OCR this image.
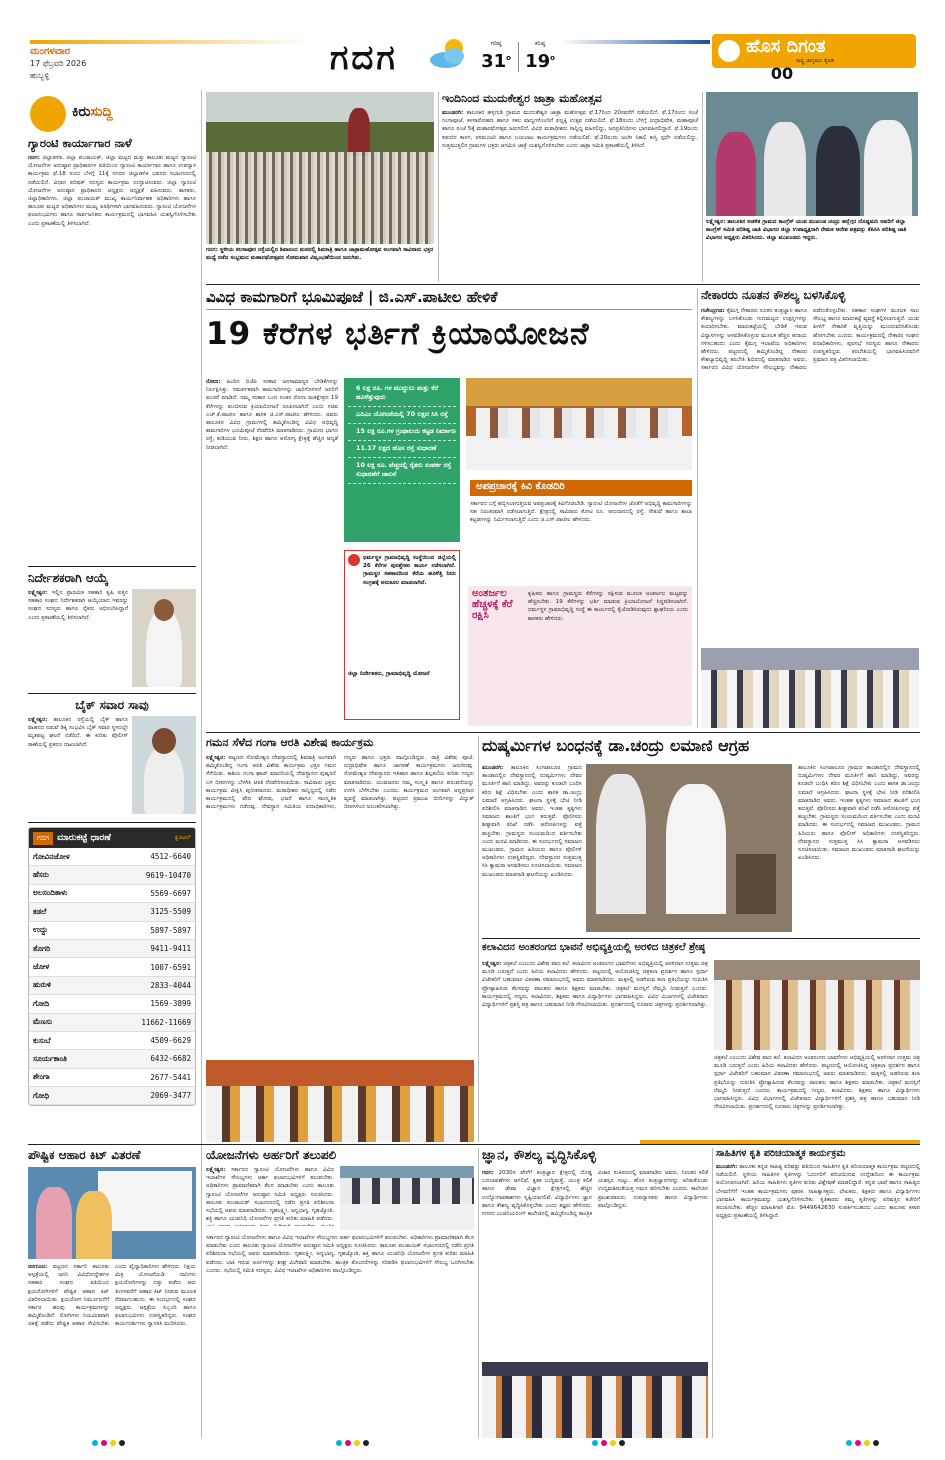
ಮಂಗಳವಾರ
17 ಫೆಬ್ರವರಿ 2026
ಹುಬ್ಬಳ್ಳಿ	ಗದಗ	ಗರಿಷ್ಠ
31$^o$
ಕನಿಷ್ಠ
19$^o$
ಹೊಸ ದಿಗಂತ
ರಾಷ್ಟ್ರ ಜಾಗೃತಿಯ ಕೈಪಿಡಿ
00
ಕಿರುಸುದ್ದಿ
ಗ್ಯಾರಂಟಿ ಕಾರ್ಯಾಗಾರ ನಾಳೆ
ಗದಗ: ಜಿಲ್ಲಾಡಳಿತ, ಜಿಲ್ಲಾ ಪಂಚಾಯತ್, ಜಿಲ್ಲಾ ಮಟ್ಟದ ಮತ್ತು ತಾಲೂಕು ಮಟ್ಟದ ಗ್ಯಾರಂಟಿ ಯೋಜನೆಗಳ ಅನುಷ್ಠಾನ ಪ್ರಾಧಿಕಾರಗಳ ವತಿಯಿಂದ ಗ್ಯಾರಂಟಿ ಕಾರ್ಯಾಗಾರ ಹಾಗೂ ಉಪನ್ಯಾಸ ಕಾರ್ಯಕ್ರಮ ಫೆ.18 ರಂದು ಬೆಳಗ್ಗೆ 11ಕ್ಕೆ ನಗರದ ಜಿಲ್ಲಾಡಳಿತ ಭವನದ ಸಭಾಂಗಣದಲ್ಲಿ ನಡೆಯಲಿದೆ. ವಿಧಾನ ಪರಿಷತ್ ಸದಸ್ಯರು ಕಾರ್ಯಕ್ರಮ ಉದ್ಘಾಟಿಸುವರು. ಜಿಲ್ಲಾ ಗ್ಯಾರಂಟಿ ಯೋಜನೆಗಳ ಅನುಷ್ಠಾನ ಪ್ರಾಧಿಕಾರದ ಅಧ್ಯಕ್ಷರು ಅಧ್ಯಕ್ಷತೆ ವಹಿಸುವರು. ಶಾಸಕರು, ಜಿಲ್ಲಾಧಿಕಾರಿಗಳು, ಜಿಲ್ಲಾ ಪಂಚಾಯತ್ ಮುಖ್ಯ ಕಾರ್ಯನಿರ್ವಾಹಕ ಅಧಿಕಾರಿಗಳು ಹಾಗೂ ತಾಲೂಕು ಮಟ್ಟದ ಅಧಿಕಾರಿಗಳು ಮುಖ್ಯ ಅತಿಥಿಗಳಾಗಿ ಭಾಗವಹಿಸುವರು. ಗ್ಯಾರಂಟಿ ಯೋಜನೆಗಳ ಫಲಾನುಭವಿಗಳು ಹಾಗೂ ಸಾರ್ವಜನಿಕರು ಕಾರ್ಯಕ್ರಮದಲ್ಲಿ ಭಾಗವಹಿಸಿ ಯಶಸ್ವಿಗೊಳಿಸಬೇಕು ಎಂದು ಪ್ರಕಟಣೆಯಲ್ಲಿ ತಿಳಿಸಲಾಗಿದೆ.
ನಿರ್ದೇಶಕರಾಗಿ ಆಯ್ಕೆ
ಲಕ್ಷ್ಮೇಶ್ವರ: ಇಲ್ಲಿನ ಪ್ರಾಥಮಿಕ ಸಹಕಾರಿ ಕೃಷಿ ಪತ್ತಿನ ಸಹಕಾರ ಸಂಘದ ನಿರ್ದೇಶಕರಾಗಿ ಆಯ್ಕೆಯಾದ ಇವರನ್ನು ಸಂಘದ ಸದಸ್ಯರು ಹಾಗೂ ರೈತರು ಅಭಿನಂದಿಸಿದ್ದಾರೆ ಎಂದು ಪ್ರಕಟಣೆಯಲ್ಲಿ ತಿಳಿಸಲಾಗಿದೆ.
ಬೈಕ್ ಸವಾರ ಸಾವು
ಲಕ್ಷ್ಮೇಶ್ವರ: ತಾಲೂಕಿನ ರಸ್ತೆಯಲ್ಲಿ ಬೈಕ್ ಹಾಗೂ ವಾಹನದ ನಡುವೆ ಡಿಕ್ಕಿ ಸಂಭವಿಸಿ ಬೈಕ್ ಸವಾರ ಸ್ಥಳದಲ್ಲೇ ಮೃತಪಟ್ಟ ಘಟನೆ ನಡೆದಿದೆ. ಈ ಕುರಿತು ಪೊಲೀಸ್ ಠಾಣೆಯಲ್ಲಿ ಪ್ರಕರಣ ದಾಖಲಾಗಿದೆ.
ಗದಗ ಮಾರುಕಟ್ಟೆ ಧಾರಣೆ	ಕ್ವಿಂಟಲ್
ಗೋವಿನಜೋಳ	4512-6640
ಹೆಸರು	9619-10470
ಅಲಸಂದಿಕಾಳು	5569-6697
ಕಡಲೆ	3125-5509
ಉದ್ದು	5897-5897
ತೊಗರಿ	9411-9411
ಜೋಳ	1007-6591
ಹುರುಳಿ	2833-4044
ಗೋದಿ	1569-3899
ಮೆಣಸು	11662-11669
ಕುಸುಬೆ	4509-6629
ಸೂರ್ಯಕಾಂತಿ	6432-6682
ಶೇಂಗಾ	2677-5441
ಗೋಧಿ	2069-3477
ಗದಗ: ಸ್ಥಳೀಯ ಕಲಸಾಪೂರ ರಸ್ತೆಯಲ್ಲಿನ ಶಿವಾನಂದ ಮಠದಲ್ಲಿ ಶಿವರಾತ್ರಿ ಹಾಗೂ ಜಾತ್ರಾಮಹೋತ್ಸವ ಅಂಗವಾಗಿ ಸಾವಿರಾರು ಭಕ್ತರ ಮಧ್ಯೆ ನಡೆದ ಸಂಭ್ರಮದ ಮಹಾರಥೋತ್ಸವನ ಸೋಮವಾರ ವಿಜೃಂಭಣೆಯಿಂದ ಜರುಗಿತು.
ಇಂದಿನಿಂದ ಮುದುಕೇಶ್ವರ ಜಾತ್ರಾ ಮಹೋತ್ಸವ
ಮುಂಡರಗಿ: ತಾಲೂಕಿನ ಹಳ್ಳಿಗುಡಿ ಗ್ರಾಮದ ಮುದುಕೇಶ್ವರ ಜಾತ್ರಾ ಮಹೋತ್ಸವ ಫೆ.17ರಿಂದ 20ರವರೆಗೆ ನಡೆಯಲಿದೆ. ಫೆ.17ರಂದು ಸಂಜೆ ಗಂಗಾಪೂಜೆ, ಕಳಸಾರೋಹಣ ಹಾಗೂ ಸಕಲ ವಾದ್ಯಗಳೊಂದಿಗೆ ಪಲ್ಲಕ್ಕಿ ಉತ್ಸವ ನಡೆಯಲಿದೆ. ಫೆ.18ರಂದು ಬೆಳಿಗ್ಗೆ ರುದ್ರಾಭಿಷೇಕ, ಮಹಾಪೂಜೆ ಹಾಗೂ ಸಂಜೆ 5ಕ್ಕೆ ಮಹಾರಥೋತ್ಸವ ಜರುಗಲಿದೆ. ವಿವಿಧ ಮಠಾಧೀಶರು ಸಾನ್ನಿಧ್ಯ ವಹಿಸಲಿದ್ದು, ಜನಪ್ರತಿನಿಧಿಗಳು ಭಾಗವಹಿಸಲಿದ್ದಾರೆ. ಫೆ.19ರಂದು ಕಡುಬಿನ ಕಾಳಗ, ರಸಮಂಜರಿ ಹಾಗೂ ಬಯಲಾಟ ಕಾರ್ಯಕ್ರಮಗಳು ನಡೆಯಲಿವೆ. ಫೆ.20ರಂದು ಜಂಗೀ ನಿಕಾಲಿ ಕುಸ್ತಿ ಸ್ಪರ್ಧೆ ನಡೆಯಲಿದ್ದು, ಸುತ್ತಮುತ್ತಲಿನ ಗ್ರಾಮಗಳ ಭಕ್ತರು ಆಗಮಿಸಿ ಜಾತ್ರೆ ಯಶಸ್ವಿಗೊಳಿಸಬೇಕು ಎಂದು ಜಾತ್ರಾ ಸಮಿತಿ ಪ್ರಕಟಣೆಯಲ್ಲಿ ತಿಳಿಸಿದೆ.
ಲಕ್ಷ್ಮೇಶ್ವರ: ತಾಲೂಕಿನ ಆಡಳಿತ ಗ್ರಾಮದ ಕಾಂಗ್ರೆಸ್ ಯುವ ಮುಖಂಡ ಚಂದ್ರು ಹನ್ನೆಗ್ಗರ ದೊಡ್ಡಮನಿ ಅವರಿಗೆ ಜಿಲ್ಲಾ ಕಾಂಗ್ರೆಸ್ ಸಮಿತಿ ಪರಿಶಿಷ್ಟ ಜಾತಿ ವಿಭಾಗದ ಜಿಲ್ಲಾ ಉಪಾಧ್ಯಕ್ಷರಾಗಿ ನೇಮಕ ಆದೇಶ ಪತ್ರವನ್ನು ಕೆಪಿಸಿಸಿ ಪರಿಶಿಷ್ಟ ಜಾತಿ ವಿಭಾಗದ ಅಧ್ಯಕ್ಷರು ವಿತರಿಸಿದರು. ಜಿಲ್ಲಾ ಮುಖಂಡರು ಇದ್ದರು.
ವಿವಿಧ ಕಾಮಗಾರಿಗೆ ಭೂಮಿಪೂಜೆ | ಜಿ.ಎಸ್.ಪಾಟೀಲ ಹೇಳಿಕೆ
19 ಕೆರೆಗಳ ಭರ್ತಿಗೆ ಕ್ರಿಯಾಯೋಜನೆ
ರೋಣ: ಹಿಂದಿನ ಬಿಜೆಪಿ ಸರಕಾರ ಜನಸಾಮಾನ್ಯರ ಬೇಡಿಕೆಗಳನ್ನು ನಿರ್ಲಕ್ಷಿಸಿತ್ತು. ಸಮರ್ಪಕವಾಗಿ ಕಾಮಗಾರಿಗಳನ್ನು ಜಾರಿಗೊಳಿಸದೆ ಜನರಿಗೆ ವಂಚನೆ ಮಾಡಿದೆ. ನಮ್ಮ ಸರಕಾರ ಬಂದ ನಂತರ ರೋಣ ಮತಕ್ಷೇತ್ರದ 19 ಕೆರೆಗಳನ್ನು ತುಂಬಿಸುವ ಕ್ರಿಯಾಯೋಜನೆ ರೂಪಿಸಲಾಗಿದೆ ಎಂದು ಸಚಿವ ಎಚ್.ಕೆ.ಪಾಟೀಲ ಹಾಗೂ ಶಾಸಕ ಜಿ.ಎಸ್.ಪಾಟೀಲ ಹೇಳಿದರು. ಅವರು ತಾಲೂಕಿನ ವಿವಿಧ ಗ್ರಾಮಗಳಲ್ಲಿ ಹಮ್ಮಿಕೊಂಡಿದ್ದ ವಿವಿಧ ಅಭಿವೃದ್ಧಿ ಕಾಮಗಾರಿಗಳ ಭೂಮಿಪೂಜೆ ನೆರವೇರಿಸಿ ಮಾತನಾಡಿದರು. ಗ್ರಾಮೀಣ ಭಾಗದ ರಸ್ತೆ, ಕುಡಿಯುವ ನೀರು, ಶಿಕ್ಷಣ ಹಾಗೂ ಆರೋಗ್ಯ ಕ್ಷೇತ್ರಕ್ಕೆ ಹೆಚ್ಚಿನ ಆದ್ಯತೆ ನೀಡಲಾಗಿದೆ.
6 ಲಕ್ಷ ರೂ. ಗಳ ಮುದ್ದುಲು ಮತ್ತು ಕೆರೆ ಹೂಳೆತ್ತುವುದು
ಎಪಿಎಂ ಯೋಜನೆಯಲ್ಲಿ 70 ಲಕ್ಷದ ಸಿಸಿ ರಸ್ತೆ
15 ಲಕ್ಷ ರೂ.ಗಳ ಗ್ರಂಥಾಲಯ ಕಟ್ಟಡ ನಿರ್ಮಾಣ
11.17 ಲಕ್ಷದ ಹೊಸ ರಸ್ತೆ ಸುಧಾರಣೆ
10 ಲಕ್ಷ ರೂ. ವೆಚ್ಚದಲ್ಲಿ ರೈತರು ಸಂಪರ್ಕ ರಸ್ತೆ ಸುಧಾರಣೆಗೆ ಚಾಲನೆ
ಅಪಪ್ರಚಾರಕ್ಕೆ ಕಿವಿ ಕೊಡದಿರಿ
ಸರ್ಕಾರದ ಬಗ್ಗೆ ಹಬ್ಬಿಸಲಾಗುತ್ತಿರುವ ಅಪಪ್ರಚಾರಕ್ಕೆ ಕಿವಿಗೊಡಬೇಡಿ. ಗ್ಯಾರಂಟಿ ಯೋಜನೆಗಳ ಜೊತೆಗೆ ಅಭಿವೃದ್ಧಿ ಕಾಮಗಾರಿಗಳನ್ನು ಸಹ ನಿರಂತರವಾಗಿ ನಡೆಸಲಾಗುತ್ತಿದೆ. ಕ್ಷೇತ್ರದಲ್ಲಿ ಸಾವಿರಾರು ಕೋಟಿ ರೂ. ಅನುದಾನದಲ್ಲಿ ರಸ್ತೆ, ಸೇತುವೆ ಹಾಗೂ ಶಾಲಾ ಕಟ್ಟಡಗಳನ್ನು ನಿರ್ಮಿಸಲಾಗುತ್ತಿದೆ ಎಂದು ಜಿ.ಎಸ್.ಪಾಟೀಲ ಹೇಳಿದರು.
ಧರ್ಮಸ್ಥಳ ಗ್ರಾಮಾಭಿವೃದ್ಧಿ ಸಂಸ್ಥೆಯಿಂದ ಜಿಲ್ಲೆಯಲ್ಲಿ 26 ಕೆರೆಗಳ ಪುನಶ್ಚೇತನ ಕಾರ್ಯ ನಡೆಸಲಾಗಿದೆ. ಗ್ರಾಮಸ್ಥರ ಸಹಕಾರದಿಂದ ಕೆರೆಯ ಹೂಳೆತ್ತಿ ನೀರು ಸಂಗ್ರಹಕ್ಕೆ ಅನುಕೂಲ ಮಾಡಲಾಗಿದೆ.
ಜಿಲ್ಲಾ ನಿರ್ದೇಶಕರು, ಗ್ರಾಮಾಭಿವೃದ್ಧಿ ಯೋಜನೆ
ಅಂತರ್ಜಲ ಹೆಚ್ಚಳಕ್ಕೆ ಕೆರೆ ರಕ್ಷಿಸಿ
ಕೃಷಿಕರು ಹಾಗೂ ಗ್ರಾಮಸ್ಥರು ಕೆರೆಗಳನ್ನು ರಕ್ಷಿಸುವ ಮೂಲಕ ಅಂತರ್ಜಲ ಮಟ್ಟವನ್ನು ಹೆಚ್ಚಿಸಬೇಕು. 19 ಕೆರೆಗಳನ್ನು ಭರ್ತಿ ಮಾಡುವ ಕ್ರಿಯಾಯೋಜನೆ ಸಿದ್ಧಪಡಿಸಲಾಗಿದೆ. ಧರ್ಮಸ್ಥಳ ಗ್ರಾಮಾಭಿವೃದ್ಧಿ ಸಂಸ್ಥೆ ಈ ಕಾರ್ಯದಲ್ಲಿ ಕೈಜೋಡಿಸಿರುವುದು ಶ್ಲಾಘನೀಯ ಎಂದು ಶಾಸಕರು ಹೇಳಿದರು.
ನೇಕಾರರು ನೂತನ ಕೌಶಲ್ಯ ಬಳಸಿಕೊಳ್ಳಿ
ಗಜೇಂದ್ರಗಡ: ಕೈಮಗ್ಗ ನೇಕಾರರು ನೂತನ ತಂತ್ರಜ್ಞಾನ ಹಾಗೂ ಕೌಶಲ್ಯಗಳನ್ನು ಬಳಸಿಕೊಂಡು ಗುಣಮಟ್ಟದ ಉತ್ಪನ್ನಗಳನ್ನು ತಯಾರಿಸಬೇಕು. ಮಾರುಕಟ್ಟೆಯಲ್ಲಿ ಬೇಡಿಕೆ ಇರುವ ವಿನ್ಯಾಸಗಳನ್ನು ಅಳವಡಿಸಿಕೊಳ್ಳುವ ಮೂಲಕ ಹೆಚ್ಚಿನ ಆದಾಯ ಗಳಿಸಬಹುದು ಎಂದು ಕೈಮಗ್ಗ ಇಲಾಖೆಯ ಅಧಿಕಾರಿಗಳು ಹೇಳಿದರು. ಪಟ್ಟಣದಲ್ಲಿ ಹಮ್ಮಿಕೊಂಡಿದ್ದ ನೇಕಾರರ ಕೌಶಲ್ಯಾಭಿವೃದ್ಧಿ ತರಬೇತಿ ಶಿಬಿರದಲ್ಲಿ ಮಾತನಾಡಿದ ಅವರು, ಸರ್ಕಾರದ ವಿವಿಧ ಯೋಜನೆಗಳ ಸೌಲಭ್ಯವನ್ನು ನೇಕಾರರು ಪಡೆದುಕೊಳ್ಳಬೇಕು. ಸಹಕಾರ ಸಂಘಗಳ ಮೂಲಕ ಸಾಲ ಸೌಲಭ್ಯ ಹಾಗೂ ಮಾರುಕಟ್ಟೆ ವ್ಯವಸ್ಥೆ ಕಲ್ಪಿಸಲಾಗುತ್ತಿದೆ. ಯುವ ಪೀಳಿಗೆ ನೇಕಾರಿಕೆ ವೃತ್ತಿಯನ್ನು ಮುಂದುವರಿಸಿಕೊಂಡು ಹೋಗಬೇಕು ಎಂದರು. ಕಾರ್ಯಕ್ರಮದಲ್ಲಿ ನೇಕಾರರ ಸಂಘದ ಪದಾಧಿಕಾರಿಗಳು, ಪುರಸಭೆ ಸದಸ್ಯರು ಹಾಗೂ ನೇಕಾರರು ಉಪಸ್ಥಿತರಿದ್ದರು. ತರಬೇತಿಯಲ್ಲಿ ಭಾಗವಹಿಸಿದವರಿಗೆ ಪ್ರಮಾಣ ಪತ್ರ ವಿತರಿಸಲಾಯಿತು.
ಗಮನ ಸೆಳೆದ ಗಂಗಾ ಆರತಿ ವಿಶೇಷ ಕಾರ್ಯಕ್ರಮ
ಲಕ್ಷ್ಮೇಶ್ವರ: ಪಟ್ಟಣದ ಸೋಮೇಶ್ವರ ದೇವಸ್ಥಾನದಲ್ಲಿ ಶಿವರಾತ್ರಿ ಅಂಗವಾಗಿ ಹಮ್ಮಿಕೊಂಡಿದ್ದ ಗಂಗಾ ಆರತಿ ವಿಶೇಷ ಕಾರ್ಯಕ್ರಮ ಭಕ್ತರ ಗಮನ ಸೆಳೆಯಿತು. ಕಾಶಿಯ ಗಂಗಾ ಘಾಟ್ ಮಾದರಿಯಲ್ಲಿ ದೇವಸ್ಥಾನದ ಪುಷ್ಕರಣಿ ಬಳಿ ದೀಪಗಳನ್ನು ಬೆಳಗಿಸಿ ಆರತಿ ನೆರವೇರಿಸಲಾಯಿತು. ಸಾವಿರಾರು ಭಕ್ತರು ಕಾರ್ಯಕ್ರಮ ವೀಕ್ಷಿಸಿ ಪುನೀತರಾದರು. ಮಠಾಧೀಶರ ಸಾನ್ನಿಧ್ಯದಲ್ಲಿ ನಡೆದ ಕಾರ್ಯಕ್ರಮದಲ್ಲಿ ವೇದ ಘೋಷ, ಭಜನೆ ಹಾಗೂ ಸಾಂಸ್ಕೃತಿಕ ಕಾರ್ಯಕ್ರಮಗಳು ನಡೆದವು. ದೇವಸ್ಥಾನ ಸಮಿತಿಯ ಪದಾಧಿಕಾರಿಗಳು, ಗಣ್ಯರು ಹಾಗೂ ಭಕ್ತರು ಪಾಲ್ಗೊಂಡಿದ್ದರು. ರಾತ್ರಿ ವಿಶೇಷ ಪೂಜೆ, ರುದ್ರಾಭಿಷೇಕ ಹಾಗೂ ಜಾಗರಣೆ ಕಾರ್ಯಕ್ರಮಗಳು ಜರುಗಿದವು. ಸೋಮೇಶ್ವರ ದೇವಸ್ಥಾನದ ಇತಿಹಾಸ ಹಾಗೂ ಶಿಲ್ಪಕಲೆಯ ಕುರಿತು ಗಣ್ಯರು ಮಾತನಾಡಿದರು. ಯುವಜನರು ನಮ್ಮ ಸಂಸ್ಕೃತಿ ಹಾಗೂ ಪರಂಪರೆಯನ್ನು ಉಳಿಸಿ ಬೆಳೆಸಬೇಕು ಎಂದರು. ಕಾರ್ಯಕ್ರಮದ ಅಂಗವಾಗಿ ಅನ್ನಪ್ರಸಾದ ವ್ಯವಸ್ಥೆ ಮಾಡಲಾಗಿತ್ತು. ಪಟ್ಟಣದ ಪ್ರಮುಖ ಬೀದಿಗಳನ್ನು ವಿದ್ಯುತ್ ದೀಪಗಳಿಂದ ಅಲಂಕರಿಸಲಾಗಿತ್ತು.
ದುಷ್ಕರ್ಮಿಗಳ ಬಂಧನಕ್ಕೆ ಡಾ.ಚಂದ್ರು ಲಮಾಣಿ ಆಗ್ರಹ
ಮುಂಡರಗಿ: ತಾಲೂಕಿನ ಸಿಂಗಟಾಲೂರ ಗ್ರಾಮದ ತಾಂಡಾದಲ್ಲಿನ ದೇವಸ್ಥಾನದಲ್ಲಿ ದುಷ್ಕರ್ಮಿಗಳು ದೇವರ ಮೂರ್ತಿಗೆ ಹಾನಿ ಮಾಡಿದ್ದು, ಅವರನ್ನು ಕೂಡಲೇ ಬಂಧಿಸಿ ಕಠಿಣ ಶಿಕ್ಷೆ ವಿಧಿಸಬೇಕು ಎಂದು ಶಾಸಕ ಡಾ.ಚಂದ್ರು ಲಮಾಣಿ ಆಗ್ರಹಿಸಿದರು. ಘಟನಾ ಸ್ಥಳಕ್ಕೆ ಭೇಟಿ ನೀಡಿ ಪರಿಶೀಲಿಸಿ ಮಾತನಾಡಿದ ಅವರು, ಇಂತಹ ಕೃತ್ಯಗಳು ಸಮಾಜದ ಶಾಂತಿಗೆ ಭಂಗ ತರುತ್ತವೆ. ಪೊಲೀಸರು ಶೀಘ್ರವಾಗಿ ತನಿಖೆ ನಡೆಸಿ ಆರೋಪಿಗಳನ್ನು ಪತ್ತೆ ಹಚ್ಚಬೇಕು. ಗ್ರಾಮಸ್ಥರು ಸಂಯಮದಿಂದ ವರ್ತಿಸಬೇಕು ಎಂದು ಮನವಿ ಮಾಡಿದರು. ಈ ಸಂದರ್ಭದಲ್ಲಿ ಸಮಾಜದ ಮುಖಂಡರು, ಗ್ರಾಮದ ಹಿರಿಯರು ಹಾಗೂ ಪೊಲೀಸ್ ಅಧಿಕಾರಿಗಳು ಉಪಸ್ಥಿತರಿದ್ದರು. ದೇವಸ್ಥಾನದ ಸುತ್ತಮುತ್ತ ಸಿಸಿ ಕ್ಯಾಮರಾ ಅಳವಡಿಸಲು ಸೂಚಿಸಲಾಯಿತು. ಸಮಾಜದ ಮುಖಂಡರು ಮಾತನಾಡಿ ಘಟನೆಯನ್ನು ಖಂಡಿಸಿದರು.
ತಾಲೂಕಿನ ಸಿಂಗಟಾಲೂರ ಗ್ರಾಮದ ತಾಂಡಾದಲ್ಲಿನ ದೇವಸ್ಥಾನದಲ್ಲಿ ದುಷ್ಕರ್ಮಿಗಳು ದೇವರ ಮೂರ್ತಿಗೆ ಹಾನಿ ಮಾಡಿದ್ದು, ಅವರನ್ನು ಕೂಡಲೇ ಬಂಧಿಸಿ ಕಠಿಣ ಶಿಕ್ಷೆ ವಿಧಿಸಬೇಕು ಎಂದು ಶಾಸಕ ಡಾ.ಚಂದ್ರು ಲಮಾಣಿ ಆಗ್ರಹಿಸಿದರು. ಘಟನಾ ಸ್ಥಳಕ್ಕೆ ಭೇಟಿ ನೀಡಿ ಪರಿಶೀಲಿಸಿ ಮಾತನಾಡಿದ ಅವರು, ಇಂತಹ ಕೃತ್ಯಗಳು ಸಮಾಜದ ಶಾಂತಿಗೆ ಭಂಗ ತರುತ್ತವೆ. ಪೊಲೀಸರು ಶೀಘ್ರವಾಗಿ ತನಿಖೆ ನಡೆಸಿ ಆರೋಪಿಗಳನ್ನು ಪತ್ತೆ ಹಚ್ಚಬೇಕು. ಗ್ರಾಮಸ್ಥರು ಸಂಯಮದಿಂದ ವರ್ತಿಸಬೇಕು ಎಂದು ಮನವಿ ಮಾಡಿದರು. ಈ ಸಂದರ್ಭದಲ್ಲಿ ಸಮಾಜದ ಮುಖಂಡರು, ಗ್ರಾಮದ ಹಿರಿಯರು ಹಾಗೂ ಪೊಲೀಸ್ ಅಧಿಕಾರಿಗಳು ಉಪಸ್ಥಿತರಿದ್ದರು. ದೇವಸ್ಥಾನದ ಸುತ್ತಮುತ್ತ ಸಿಸಿ ಕ್ಯಾಮರಾ ಅಳವಡಿಸಲು ಸೂಚಿಸಲಾಯಿತು. ಸಮಾಜದ ಮುಖಂಡರು ಮಾತನಾಡಿ ಘಟನೆಯನ್ನು ಖಂಡಿಸಿದರು.
ಕಲಾವಿದನ ಅಂತರಂಗದ ಭಾವನೆ ಅಭಿವ್ಯಕ್ತಿಯಲ್ಲಿ ಅರಳಿದ ಚಿತ್ರಕಲೆ ಶ್ರೇಷ್ಠ
ಲಕ್ಷ್ಮೇಶ್ವರ: ಚಿತ್ರಕಲೆ ಎಂಬುದು ವಿಶೇಷ ವಾದ ಕಲೆ. ಕಲಾವಿದನ ಅಂತರಂಗದ ಭಾವನೆಗಳು ಅಭಿವ್ಯಕ್ತಿಯಲ್ಲಿ ಅರಳಿದಾಗ ಉತ್ತಮ ಚಿತ್ರ ಮೂಡಿ ಬರುತ್ತದೆ ಎಂದು ಹಿರಿಯ ಕಲಾವಿದರು ಹೇಳಿದರು. ಪಟ್ಟಣದಲ್ಲಿ ಆಯೋಜಿಸಿದ್ದ ಚಿತ್ರಕಲಾ ಪ್ರದರ್ಶನ ಹಾಗೂ ಸ್ಪರ್ಧಾ ವಿಜೇತರಿಗೆ ಬಹುಮಾನ ವಿತರಣಾ ಸಮಾರಂಭದಲ್ಲಿ ಅವರು ಮಾತನಾಡಿದರು. ಮಕ್ಕಳಲ್ಲಿ ಅಡಗಿರುವ ಕಲಾ ಪ್ರತಿಭೆಯನ್ನು ಗುರುತಿಸಿ ಪ್ರೋತ್ಸಾಹಿಸುವ ಕೆಲಸವನ್ನು ಪಾಲಕರು ಹಾಗೂ ಶಿಕ್ಷಕರು ಮಾಡಬೇಕು. ಚಿತ್ರಕಲೆ ಮನಸ್ಸಿಗೆ ನೆಮ್ಮದಿ ನೀಡುತ್ತದೆ ಎಂದರು. ಕಾರ್ಯಕ್ರಮದಲ್ಲಿ ಗಣ್ಯರು, ಕಲಾವಿದರು, ಶಿಕ್ಷಕರು ಹಾಗೂ ವಿದ್ಯಾರ್ಥಿಗಳು ಭಾಗವಹಿಸಿದ್ದರು. ವಿವಿಧ ವಿಭಾಗಗಳಲ್ಲಿ ವಿಜೇತರಾದ ವಿದ್ಯಾರ್ಥಿಗಳಿಗೆ ಪ್ರಶಸ್ತಿ ಪತ್ರ ಹಾಗೂ ಬಹುಮಾನ ನೀಡಿ ಗೌರವಿಸಲಾಯಿತು. ಪ್ರದರ್ಶನದಲ್ಲಿ ನೂರಾರು ಚಿತ್ರಗಳನ್ನು ಪ್ರದರ್ಶಿಸಲಾಗಿತ್ತು.
ಚಿತ್ರಕಲೆ ಎಂಬುದು ವಿಶೇಷ ವಾದ ಕಲೆ. ಕಲಾವಿದನ ಅಂತರಂಗದ ಭಾವನೆಗಳು ಅಭಿವ್ಯಕ್ತಿಯಲ್ಲಿ ಅರಳಿದಾಗ ಉತ್ತಮ ಚಿತ್ರ ಮೂಡಿ ಬರುತ್ತದೆ ಎಂದು ಹಿರಿಯ ಕಲಾವಿದರು ಹೇಳಿದರು. ಪಟ್ಟಣದಲ್ಲಿ ಆಯೋಜಿಸಿದ್ದ ಚಿತ್ರಕಲಾ ಪ್ರದರ್ಶನ ಹಾಗೂ ಸ್ಪರ್ಧಾ ವಿಜೇತರಿಗೆ ಬಹುಮಾನ ವಿತರಣಾ ಸಮಾರಂಭದಲ್ಲಿ ಅವರು ಮಾತನಾಡಿದರು. ಮಕ್ಕಳಲ್ಲಿ ಅಡಗಿರುವ ಕಲಾ ಪ್ರತಿಭೆಯನ್ನು ಗುರುತಿಸಿ ಪ್ರೋತ್ಸಾಹಿಸುವ ಕೆಲಸವನ್ನು ಪಾಲಕರು ಹಾಗೂ ಶಿಕ್ಷಕರು ಮಾಡಬೇಕು. ಚಿತ್ರಕಲೆ ಮನಸ್ಸಿಗೆ ನೆಮ್ಮದಿ ನೀಡುತ್ತದೆ ಎಂದರು. ಕಾರ್ಯಕ್ರಮದಲ್ಲಿ ಗಣ್ಯರು, ಕಲಾವಿದರು, ಶಿಕ್ಷಕರು ಹಾಗೂ ವಿದ್ಯಾರ್ಥಿಗಳು ಭಾಗವಹಿಸಿದ್ದರು. ವಿವಿಧ ವಿಭಾಗಗಳಲ್ಲಿ ವಿಜೇತರಾದ ವಿದ್ಯಾರ್ಥಿಗಳಿಗೆ ಪ್ರಶಸ್ತಿ ಪತ್ರ ಹಾಗೂ ಬಹುಮಾನ ನೀಡಿ ಗೌರವಿಸಲಾಯಿತು. ಪ್ರದರ್ಶನದಲ್ಲಿ ನೂರಾರು ಚಿತ್ರಗಳನ್ನು ಪ್ರದರ್ಶಿಸಲಾಗಿತ್ತು.
ಪೌಷ್ಟಿಕ ಆಹಾರ ಕಿಟ್ ವಿತರಣೆ
ನರಗುಂದ: ಪಟ್ಟಣದ ಸರ್ಕಾರಿ ತಾಲೂಕು ಆಸ್ಪತ್ರೆಯಲ್ಲಿ ಜನನಿ ವಿವಿಧೋದ್ದೇಶಗಳ ಸಹಕಾರ ಸಂಘದ ವತಿಯಿಂದ ಕ್ಷಯರೋಗಿಗಳಿಗೆ ಪೌಷ್ಟಿಕ ಆಹಾರ ಕಿಟ್ ವಿತರಿಸಲಾಯಿತು. ಕ್ಷಯರೋಗ ನಿರ್ಮೂಲನೆಗೆ ಸರ್ಕಾರ ಹಲವು ಕಾರ್ಯಕ್ರಮಗಳನ್ನು ಹಮ್ಮಿಕೊಂಡಿದೆ. ರೋಗಿಗಳು ನಿಯಮಿತವಾಗಿ ಚಿಕಿತ್ಸೆ ಪಡೆದು ಪೌಷ್ಟಿಕ ಆಹಾರ ಸೇವಿಸಬೇಕು ಎಂದು ವೈದ್ಯಾಧಿಕಾರಿಗಳು ಹೇಳಿದರು. ನಿಕ್ಷಯ ಮಿತ್ರ ಯೋಜನೆಯಡಿ ದಾನಿಗಳು ಕ್ಷಯರೋಗಿಗಳನ್ನು ದತ್ತು ಪಡೆದು ಆರು ತಿಂಗಳವರೆಗೆ ಆಹಾರ ಕಿಟ್ ನೀಡುವ ಮೂಲಕ ನೆರವಾಗಬಹುದು. ಈ ಸಂದರ್ಭದಲ್ಲಿ ಸಂಘದ ಅಧ್ಯಕ್ಷರು, ಆಸ್ಪತ್ರೆಯ ಸಿಬ್ಬಂದಿ ಹಾಗೂ ಫಲಾನುಭವಿಗಳು ಉಪಸ್ಥಿತರಿದ್ದರು. ಸಂಘದ ಕಾರ್ಯದರ್ಶಿಗಳು ಸ್ವಾಗತಿಸಿ ವಂದಿಸಿದರು.
ಯೋಜನೆಗಳು ಅರ್ಹರಿಗೆ ತಲುಪಲಿ
ಲಕ್ಷ್ಮೇಶ್ವರ: ಸರ್ಕಾರದ ಗ್ಯಾರಂಟಿ ಯೋಜನೆಗಳು ಹಾಗೂ ವಿವಿಧ ಇಲಾಖೆಗಳ ಸೌಲಭ್ಯಗಳು ಅರ್ಹ ಫಲಾನುಭವಿಗಳಿಗೆ ತಲುಪಬೇಕು. ಅಧಿಕಾರಿಗಳು ಪ್ರಾಮಾಣಿಕವಾಗಿ ಕೆಲಸ ಮಾಡಬೇಕು ಎಂದು ತಾಲೂಕು ಗ್ಯಾರಂಟಿ ಯೋಜನೆಗಳ ಅನುಷ್ಠಾನ ಸಮಿತಿ ಅಧ್ಯಕ್ಷರು ಸೂಚಿಸಿದರು. ತಾಲೂಕು ಪಂಚಾಯತ್ ಸಭಾಂಗಣದಲ್ಲಿ ನಡೆದ ಪ್ರಗತಿ ಪರಿಶೀಲನಾ ಸಭೆಯಲ್ಲಿ ಅವರು ಮಾತನಾಡಿದರು. ಗೃಹಲಕ್ಷ್ಮೀ, ಅನ್ನಭಾಗ್ಯ, ಗೃಹಜ್ಯೋತಿ, ಶಕ್ತಿ ಹಾಗೂ ಯುವನಿಧಿ ಯೋಜನೆಗಳ ಪ್ರಗತಿ ಕುರಿತು ಮಾಹಿತಿ ಪಡೆದರು.
ಸರ್ಕಾರದ ಗ್ಯಾರಂಟಿ ಯೋಜನೆಗಳು ಹಾಗೂ ವಿವಿಧ ಇಲಾಖೆಗಳ ಸೌಲಭ್ಯಗಳು ಅರ್ಹ ಫಲಾನುಭವಿಗಳಿಗೆ ತಲುಪಬೇಕು. ಅಧಿಕಾರಿಗಳು ಪ್ರಾಮಾಣಿಕವಾಗಿ ಕೆಲಸ ಮಾಡಬೇಕು ಎಂದು ತಾಲೂಕು ಗ್ಯಾರಂಟಿ ಯೋಜನೆಗಳ ಅನುಷ್ಠಾನ ಸಮಿತಿ ಅಧ್ಯಕ್ಷರು ಸೂಚಿಸಿದರು. ತಾಲೂಕು ಪಂಚಾಯತ್ ಸಭಾಂಗಣದಲ್ಲಿ ನಡೆದ ಪ್ರಗತಿ ಪರಿಶೀಲನಾ ಸಭೆಯಲ್ಲಿ ಅವರು ಮಾತನಾಡಿದರು. ಗೃಹಲಕ್ಷ್ಮೀ, ಅನ್ನಭಾಗ್ಯ, ಗೃಹಜ್ಯೋತಿ, ಶಕ್ತಿ ಹಾಗೂ ಯುವನಿಧಿ ಯೋಜನೆಗಳ ಪ್ರಗತಿ ಕುರಿತು ಮಾಹಿತಿ ಪಡೆದರು. ಬಾಕಿ ಇರುವ ಅರ್ಜಿಗಳನ್ನು ಶೀಘ್ರ ವಿಲೇವಾರಿ ಮಾಡಬೇಕು. ತಾಂತ್ರಿಕ ತೊಂದರೆಗಳನ್ನು ಸರಿಪಡಿಸಿ ಫಲಾನುಭವಿಗಳಿಗೆ ಸೌಲಭ್ಯ ಒದಗಿಸಬೇಕು ಎಂದರು. ಸಭೆಯಲ್ಲಿ ಸಮಿತಿ ಸದಸ್ಯರು, ವಿವಿಧ ಇಲಾಖೆಗಳ ಅಧಿಕಾರಿಗಳು ಪಾಲ್ಗೊಂಡಿದ್ದರು.
ಜ್ಞಾನ, ಕೌಶಲ್ಯ ವೃದ್ಧಿಸಿಕೊಳ್ಳಿ
ಗದಗ: 2030ರ ವೇಳೆಗೆ ತಂತ್ರಜ್ಞಾನ ಕ್ಷೇತ್ರದಲ್ಲಿ ದೊಡ್ಡ ಬದಲಾವಣೆಗಳು ಆಗಲಿವೆ. ಕೃತಕ ಬುದ್ಧಿಮತ್ತೆ, ಯಂತ್ರ ಕಲಿಕೆ ಹಾಗೂ ಡೇಟಾ ವಿಜ್ಞಾನ ಕ್ಷೇತ್ರಗಳಲ್ಲಿ ಹೆಚ್ಚಿನ ಉದ್ಯೋಗಾವಕಾಶಗಳು ಸೃಷ್ಟಿಯಾಗಲಿವೆ. ವಿದ್ಯಾರ್ಥಿಗಳು ಜ್ಞಾನ ಹಾಗೂ ಕೌಶಲ್ಯ ವೃದ್ಧಿಸಿಕೊಳ್ಳಬೇಕು ಎಂದು ತಜ್ಞರು ಹೇಳಿದರು. ನಗರದ ಎಂಜಿನಿಯರಿಂಗ್ ಕಾಲೇಜಿನಲ್ಲಿ ಹಮ್ಮಿಕೊಂಡಿದ್ದ ತಾಂತ್ರಿಕ ವಿಚಾರ ಸಂಕಿರಣದಲ್ಲಿ ಮಾತನಾಡಿದ ಅವರು, ನಿರಂತರ ಕಲಿಕೆ ಯಶಸ್ಸಿನ ಗುಟ್ಟು. ಹೊಸ ತಂತ್ರಜ್ಞಾನಗಳನ್ನು ಅರಿತುಕೊಂಡು ಉದ್ಯಮಶೀಲತೆಯತ್ತ ಗಮನ ಹರಿಸಬೇಕು ಎಂದರು. ಕಾಲೇಜಿನ ಪ್ರಾಂಶುಪಾಲರು, ಉಪನ್ಯಾಸಕರು ಹಾಗೂ ವಿದ್ಯಾರ್ಥಿಗಳು ಪಾಲ್ಗೊಂಡಿದ್ದರು.
ಸಾಹಿತಿಗಳ ಕೃತಿ ಪರಿಚಯಾತ್ಮಕ ಕಾರ್ಯಕ್ರಮ
ಮುಂಡರಗಿ: ತಾಲೂಕು ಕನ್ನಡ ಸಾಹಿತ್ಯ ಪರಿಷತ್ತು ವತಿಯಿಂದ ಸಾಹಿತಿಗಳ ಕೃತಿ ಪರಿಚಯಾತ್ಮಕ ಕಾರ್ಯಕ್ರಮ ಪಟ್ಟಣದಲ್ಲಿ ನಡೆಯಲಿದೆ. ಸ್ಥಳೀಯ ಸಾಹಿತಿಗಳ ಕೃತಿಗಳನ್ನು ಓದುಗರಿಗೆ ಪರಿಚಯಿಸುವ ಉದ್ದೇಶದಿಂದ ಈ ಕಾರ್ಯಕ್ರಮ ಆಯೋಜಿಸಲಾಗಿದೆ. ಹಿರಿಯ ಸಾಹಿತಿಗಳು ಕೃತಿಗಳ ಕುರಿತು ವಿಶ್ಲೇಷಣೆ ಮಾಡಲಿದ್ದಾರೆ. ಕನ್ನಡ ಭಾಷೆ ಹಾಗೂ ಸಾಹಿತ್ಯದ ಬೆಳವಣಿಗೆಗೆ ಇಂತಹ ಕಾರ್ಯಕ್ರಮಗಳು ಪೂರಕ. ಸಾಹಿತ್ಯಾಸಕ್ತರು, ಲೇಖಕರು, ಶಿಕ್ಷಕರು ಹಾಗೂ ವಿದ್ಯಾರ್ಥಿಗಳು ಭಾಗವಹಿಸಿ ಕಾರ್ಯಕ್ರಮವನ್ನು ಯಶಸ್ವಿಗೊಳಿಸಬೇಕು. ಕೃತಿಕಾರರು ತಮ್ಮ ಕೃತಿಗಳನ್ನು ಪರಿಷತ್ತಿನ ಕಚೇರಿಗೆ ತಲುಪಿಸಬೇಕು. ಹೆಚ್ಚಿನ ಮಾಹಿತಿಗಾಗಿ ಮೊ: 9449642630 ಸಂಪರ್ಕಿಸಬಹುದು ಎಂದು ತಾಲೂಕು ಕಸಾಪ ಅಧ್ಯಕ್ಷರು ಪ್ರಕಟಣೆಯಲ್ಲಿ ತಿಳಿಸಿದ್ದಾರೆ.
